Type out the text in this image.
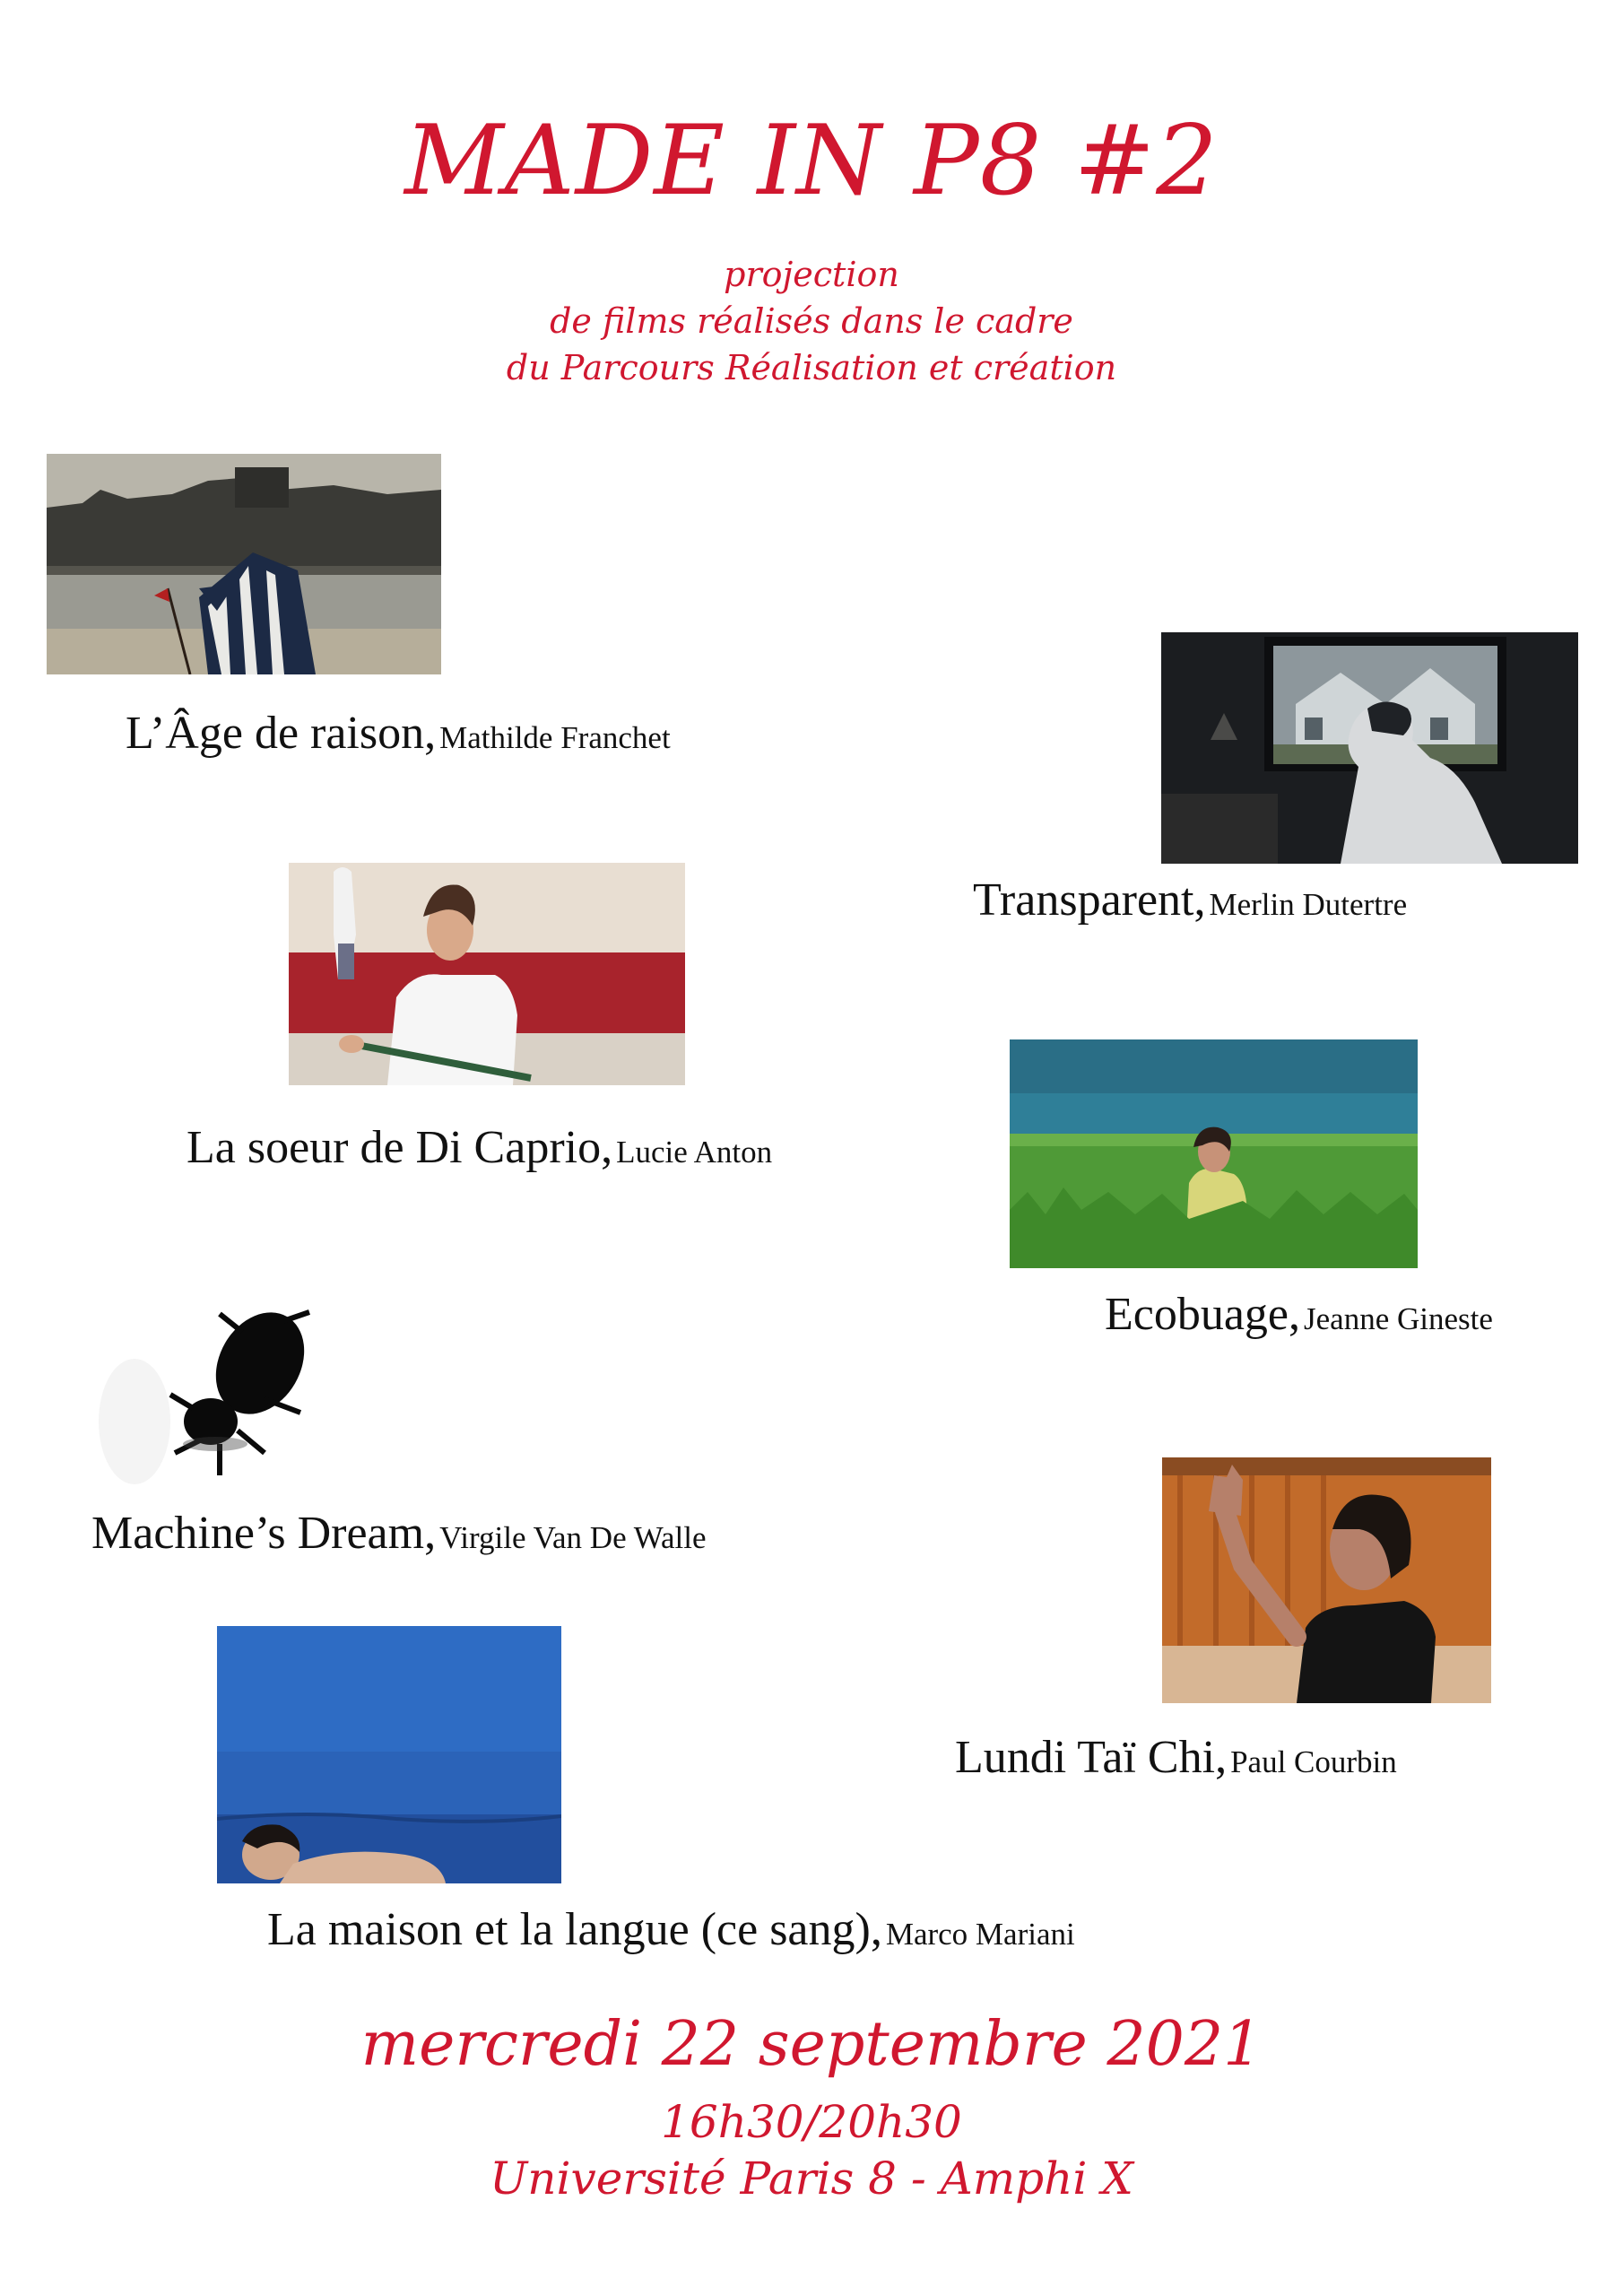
MADE IN P8 #2
projection
de films réalisés dans le cadre
du Parcours Réalisation et création
L’Âge de raison, Mathilde Franchet
Transparent, Merlin Dutertre
La soeur de Di Caprio, Lucie Anton
Ecobuage, Jeanne Gineste
Machine’s Dream, Virgile Van De Walle
Lundi Taï Chi, Paul Courbin
La maison et la langue (ce sang), Marco Mariani
mercredi 22 septembre 2021
16h30/20h30
Université Paris 8 - Amphi X
